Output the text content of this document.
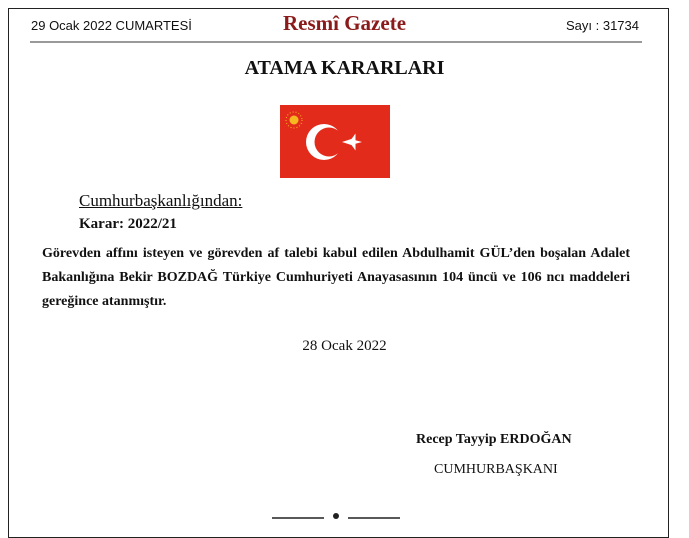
29 Ocak 2022 CUMARTESİ	Resmî Gazete	Sayı : 31734
ATAMA KARARLARI
Cumhurbaşkanlığından:
Karar: 2022/21
Görevden affını isteyen ve görevden af talebi kabul edilen Abdulhamit GÜL’den boşalan Adalet Bakanlığına Bekir BOZDAĞ Türkiye Cumhuriyeti Anayasasının 104 üncü ve 106 ncı maddeleri gereğince atanmıştır.
28 Ocak 2022
Recep Tayyip ERDOĞAN
CUMHURBAŞKANI
